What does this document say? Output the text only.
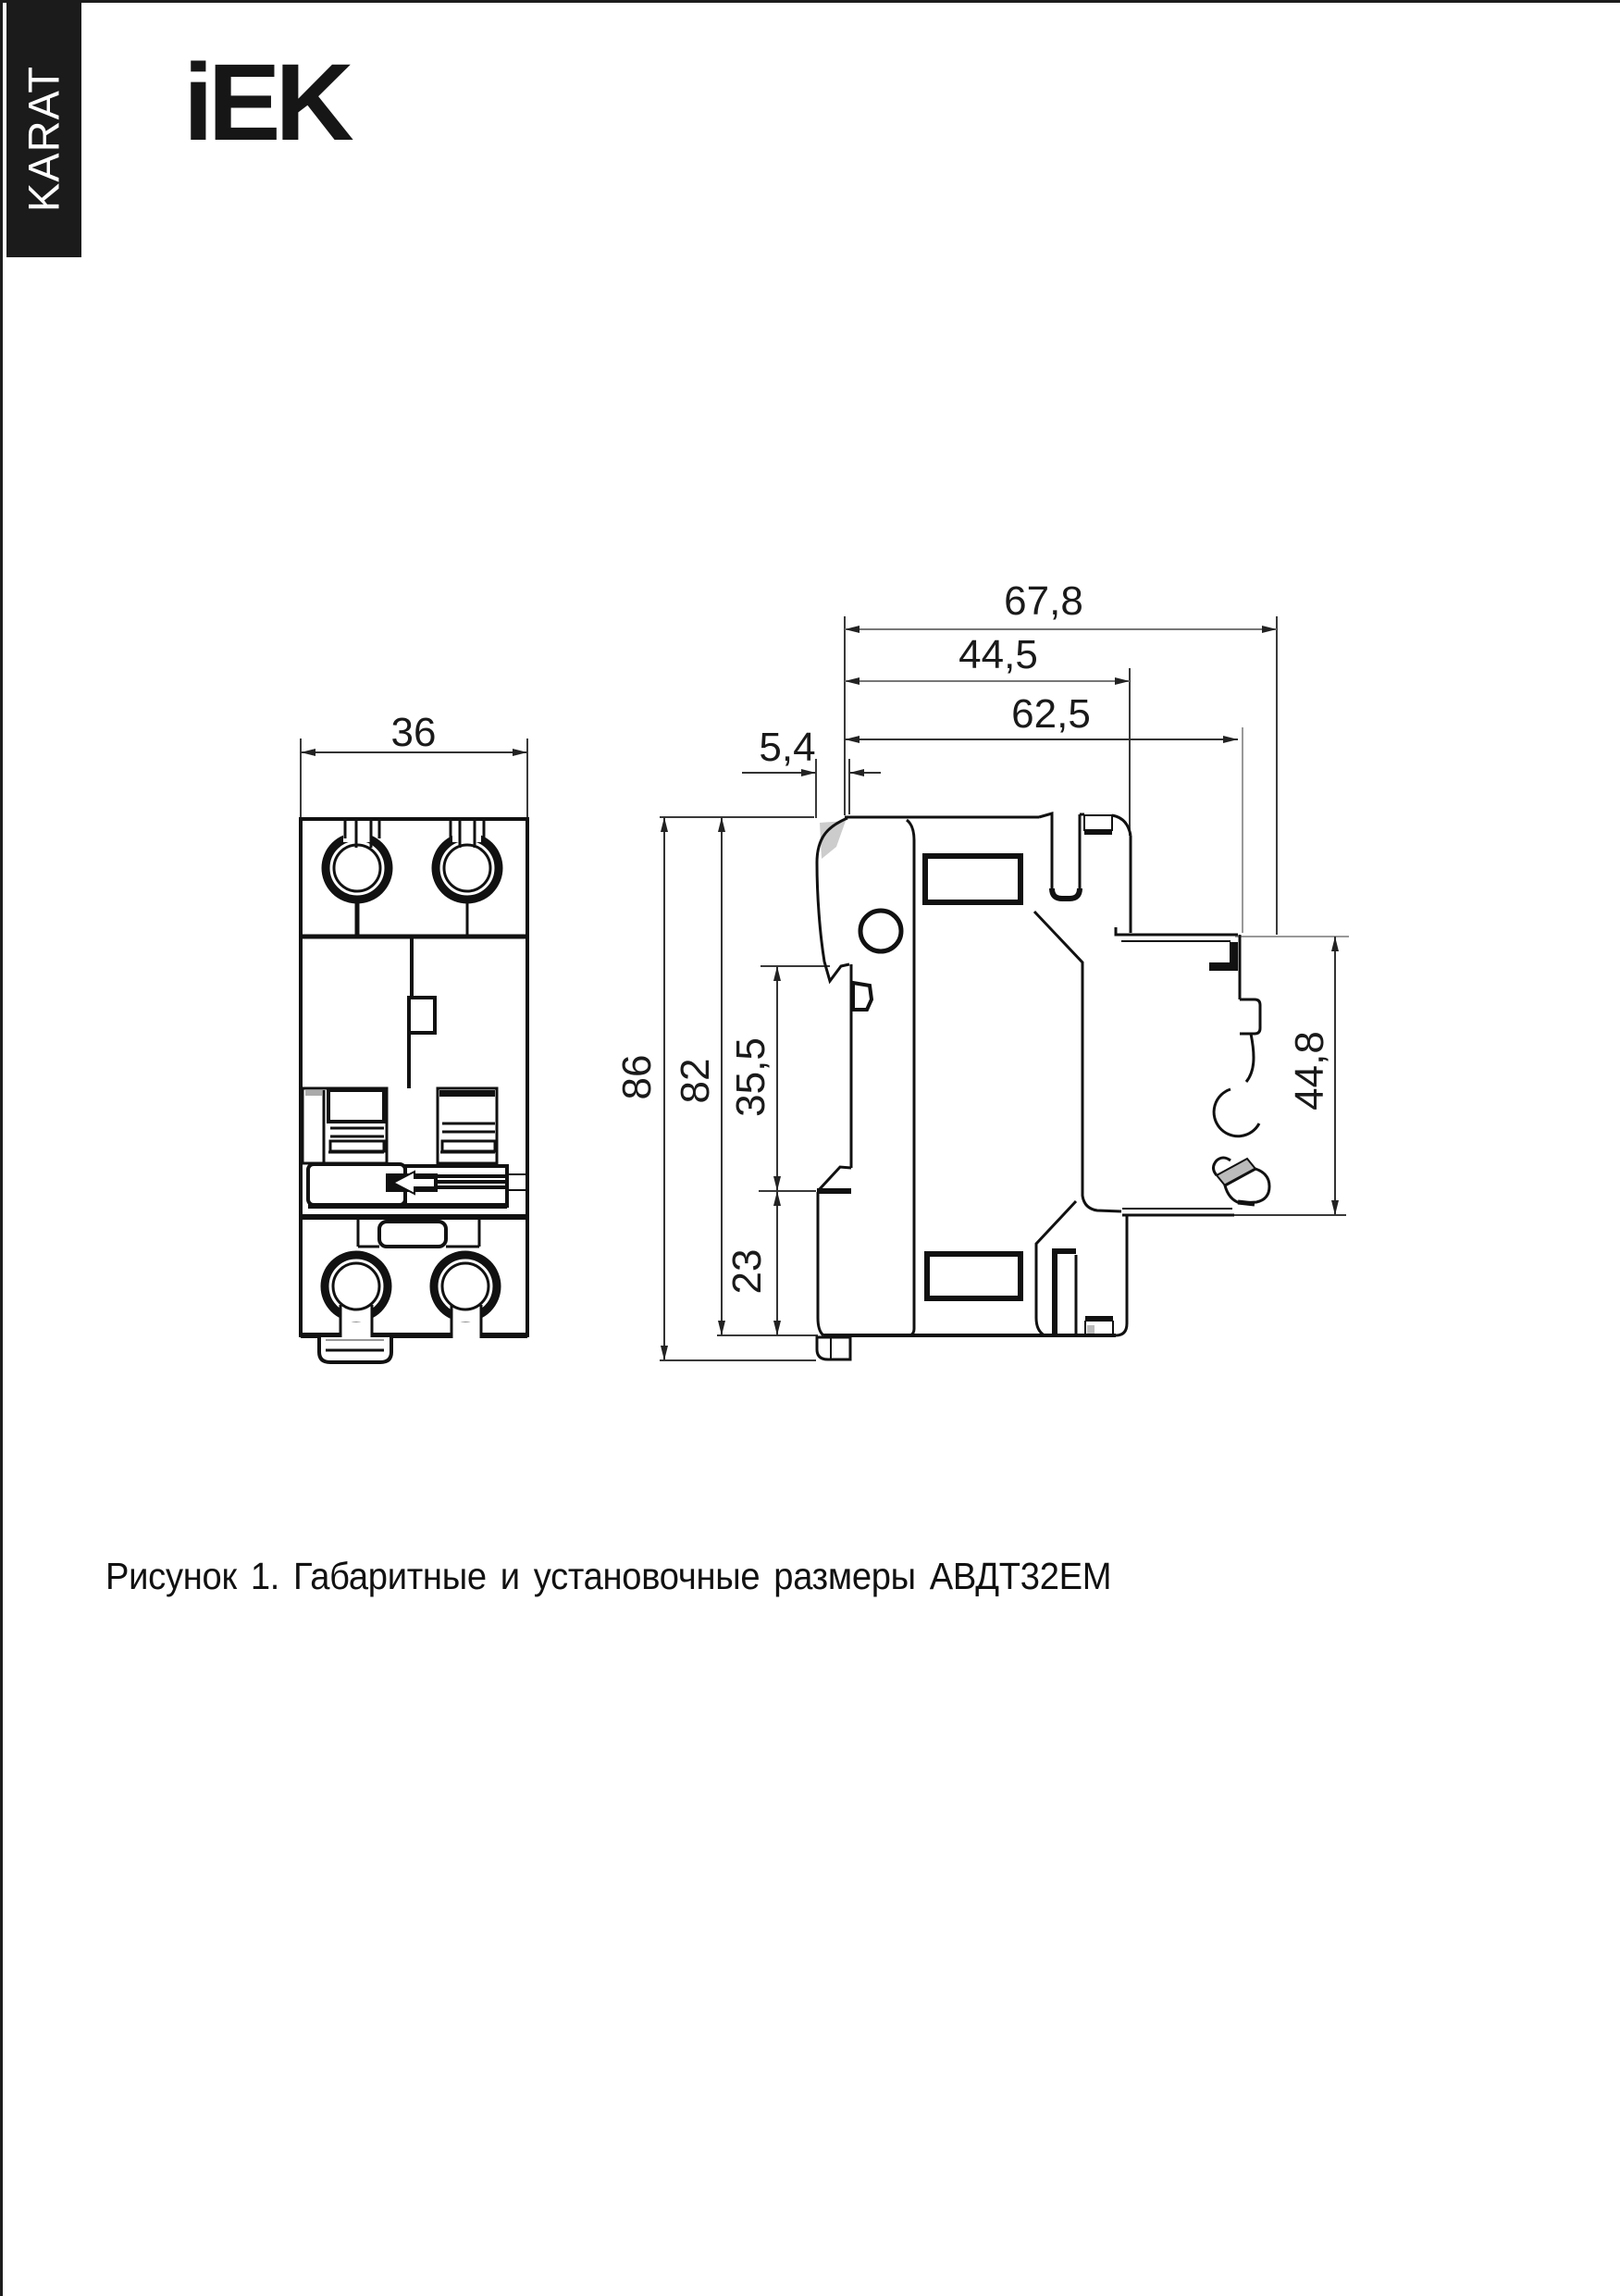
KARAT iEK
36
67,8
44,5
62,5
5,4
86 82 35,5
23
44,8
Рисунок 1. Габаритные и установочные размеры АВДТ32ЕМ
